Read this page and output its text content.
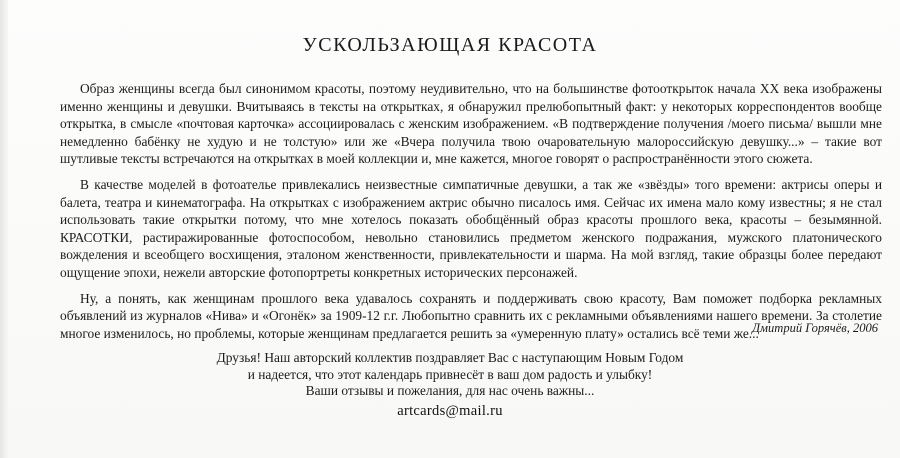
УСКОЛЬЗАЮЩАЯ КРАСОТА

Образ женщины всегда был синонимом красоты, поэтому неудивительно, что на большинстве фотооткрыток начала XX века изображены именно женщины и девушки. Вчитываясь в тексты на открытках, я обнаружил прелюбопытный факт: у некоторых корреспондентов вообще открытка, в смысле «почтовая карточка» ассоциировалась с женским изображением. «В подтверждение получения /моего письма/ вышли мне немедленно бабёнку не худую и не толстую» или же «Вчера получила твою очаровательную малороссийскую девушку...» – такие вот шутливые тексты встречаются на открытках в моей коллекции и, мне кажется, многое говорят о распространённости этого сюжета.

В качестве моделей в фотоателье привлекались неизвестные симпатичные девушки, а так же «звёзды» того времени: актрисы оперы и балета, театра и кинематографа. На открытках с изображением актрис обычно писалось имя. Сейчас их имена мало кому известны; я не стал использовать такие открытки потому, что мне хотелось показать обобщённый образ красоты прошлого века, красоты – безымянной. КРАСОТКИ, растиражированные фотоспособом, невольно становились предметом женского подражания, мужского платонического вожделения и всеобщего восхищения, эталоном женственности, привлекательности и шарма. На мой взгляд, такие образцы более передают ощущение эпохи, нежели авторские фотопортреты конкретных исторических персонажей.

Ну, а понять, как женщинам прошлого века удавалось сохранять и поддерживать свою красоту, Вам поможет подборка рекламных объявлений из журналов «Нива» и «Огонёк» за 1909-12 г.г. Любопытно сравнить их с рекламными объявлениями нашего времени. За столетие многое изменилось, но проблемы, которые женщинам предлагается решить за «умеренную плату» остались всё теми же...

Дмитрий Горячёв, 2006
Друзья! Наш авторский коллектив поздравляет Вас с наступающим Новым Годом
и надеется, что этот календарь привнесёт в ваш дом радость и улыбку!
Ваши отзывы и пожелания, для нас очень важны...
artcards@mail.ru
